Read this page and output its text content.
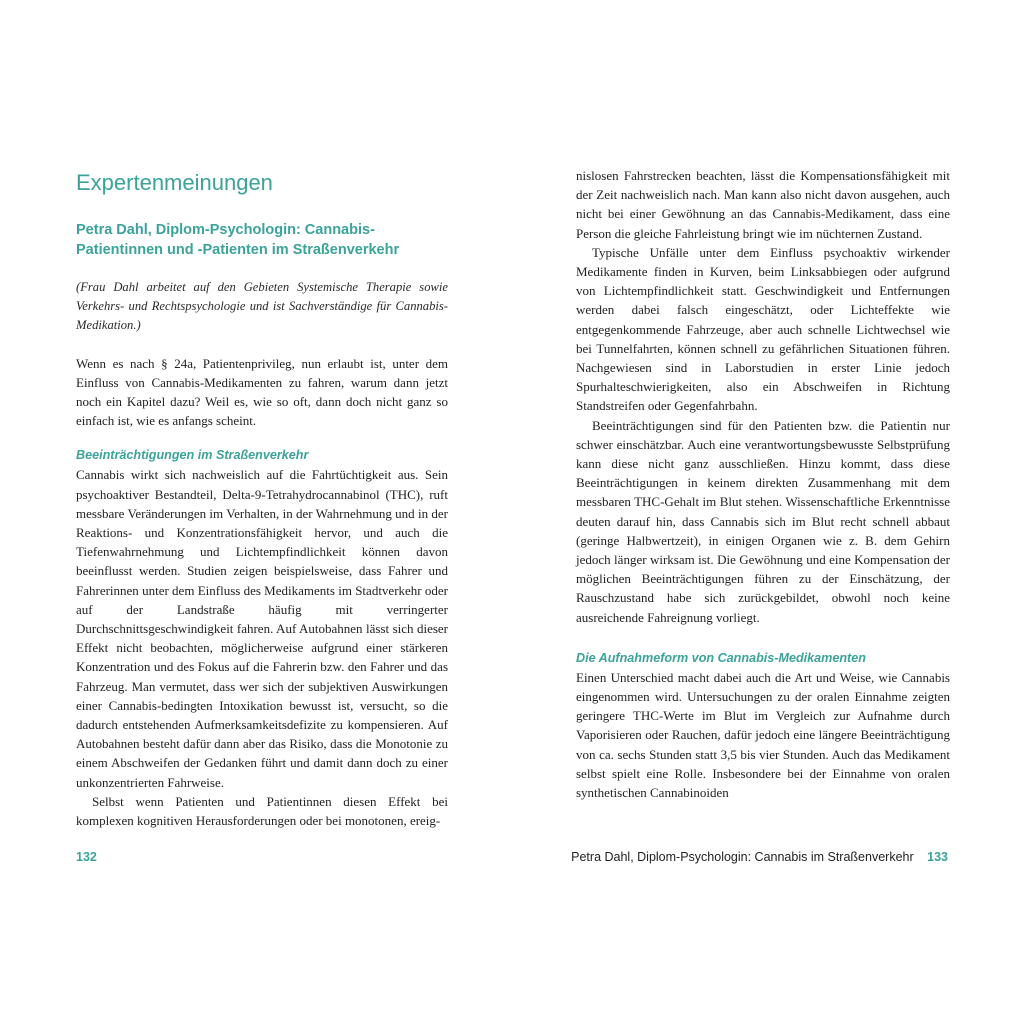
Expertenmeinungen
Petra Dahl, Diplom-Psychologin: Cannabis-
Patientinnen und -Patienten im Straßenverkehr

(Frau Dahl arbeitet auf den Gebieten Systemische Therapie sowie Verkehrs- und Rechtspsychologie und ist Sachverständige für Cannabis-Medikation.)

Wenn es nach § 24a, Patientenprivileg, nun erlaubt ist, unter dem Einfluss von Cannabis-Medikamenten zu fahren, warum dann jetzt noch ein Kapitel dazu? Weil es, wie so oft, dann doch nicht ganz so einfach ist, wie es anfangs scheint.

Beeinträchtigungen im Straßenverkehr

Cannabis wirkt sich nachweislich auf die Fahrtüchtigkeit aus. Sein psychoaktiver Bestandteil, Delta-9-Tetrahydrocannabinol (THC), ruft messbare Veränderungen im Verhalten, in der Wahrnehmung und in der Reaktions- und Konzentrationsfähigkeit hervor, und auch die Tiefenwahrnehmung und Lichtempfindlichkeit können davon beeinflusst werden. Studien zeigen beispielsweise, dass Fahrer und Fahrerinnen unter dem Einfluss des Medikaments im Stadtverkehr oder auf der Landstraße häufig mit verringerter Durchschnittsgeschwindigkeit fahren. Auf Autobahnen lässt sich dieser Effekt nicht beobachten, möglicherweise aufgrund einer stärkeren Konzentration und des Fokus auf die Fahrerin bzw. den Fahrer und das Fahrzeug. Man vermutet, dass wer sich der subjektiven Auswirkungen einer Cannabis-bedingten Intoxikation bewusst ist, versucht, so die dadurch entstehenden Aufmerksamkeitsdefizite zu kompensieren. Auf Autobahnen besteht dafür dann aber das Risiko, dass die Monotonie zu einem Abschweifen der Gedanken führt und damit dann doch zu einer unkonzentrierten Fahrweise.

Selbst wenn Patienten und Patientinnen diesen Effekt bei komplexen kognitiven Herausforderungen oder bei monotonen, ereig-

132

nislosen Fahrstrecken beachten, lässt die Kompensationsfähigkeit mit der Zeit nachweislich nach. Man kann also nicht davon ausgehen, auch nicht bei einer Gewöhnung an das Cannabis-Medikament, dass eine Person die gleiche Fahrleistung bringt wie im nüchternen Zustand.

Typische Unfälle unter dem Einfluss psychoaktiv wirkender Medikamente finden in Kurven, beim Linksabbiegen oder aufgrund von Lichtempfindlichkeit statt. Geschwindigkeit und Entfernungen werden dabei falsch eingeschätzt, oder Lichteffekte wie entgegenkommende Fahrzeuge, aber auch schnelle Lichtwechsel wie bei Tunnelfahrten, können schnell zu gefährlichen Situationen führen. Nachgewiesen sind in Laborstudien in erster Linie jedoch Spurhalteschwierigkeiten, also ein Abschweifen in Richtung Standstreifen oder Gegenfahrbahn.

Beeinträchtigungen sind für den Patienten bzw. die Patientin nur schwer einschätzbar. Auch eine verantwortungsbewusste Selbstprüfung kann diese nicht ganz ausschließen. Hinzu kommt, dass diese Beeinträchtigungen in keinem direkten Zusammenhang mit dem messbaren THC-Gehalt im Blut stehen. Wissenschaftliche Erkenntnisse deuten darauf hin, dass Cannabis sich im Blut recht schnell abbaut (geringe Halbwertzeit), in einigen Organen wie z. B. dem Gehirn jedoch länger wirksam ist. Die Gewöhnung und eine Kompensation der möglichen Beeinträchtigungen führen zu der Einschätzung, der Rauschzustand habe sich zurückgebildet, obwohl noch keine ausreichende Fahreignung vorliegt.

Die Aufnahmeform von Cannabis-Medikamenten

Einen Unterschied macht dabei auch die Art und Weise, wie Cannabis eingenommen wird. Untersuchungen zu der oralen Einnahme zeigten geringere THC-Werte im Blut im Vergleich zur Aufnahme durch Vaporisieren oder Rauchen, dafür jedoch eine längere Beeinträchtigung von ca. sechs Stunden statt 3,5 bis vier Stunden. Auch das Medikament selbst spielt eine Rolle. Insbesondere bei der Einnahme von oralen synthetischen Cannabinoiden

Petra Dahl, Diplom-Psychologin: Cannabis im Straßenverkehr 133
